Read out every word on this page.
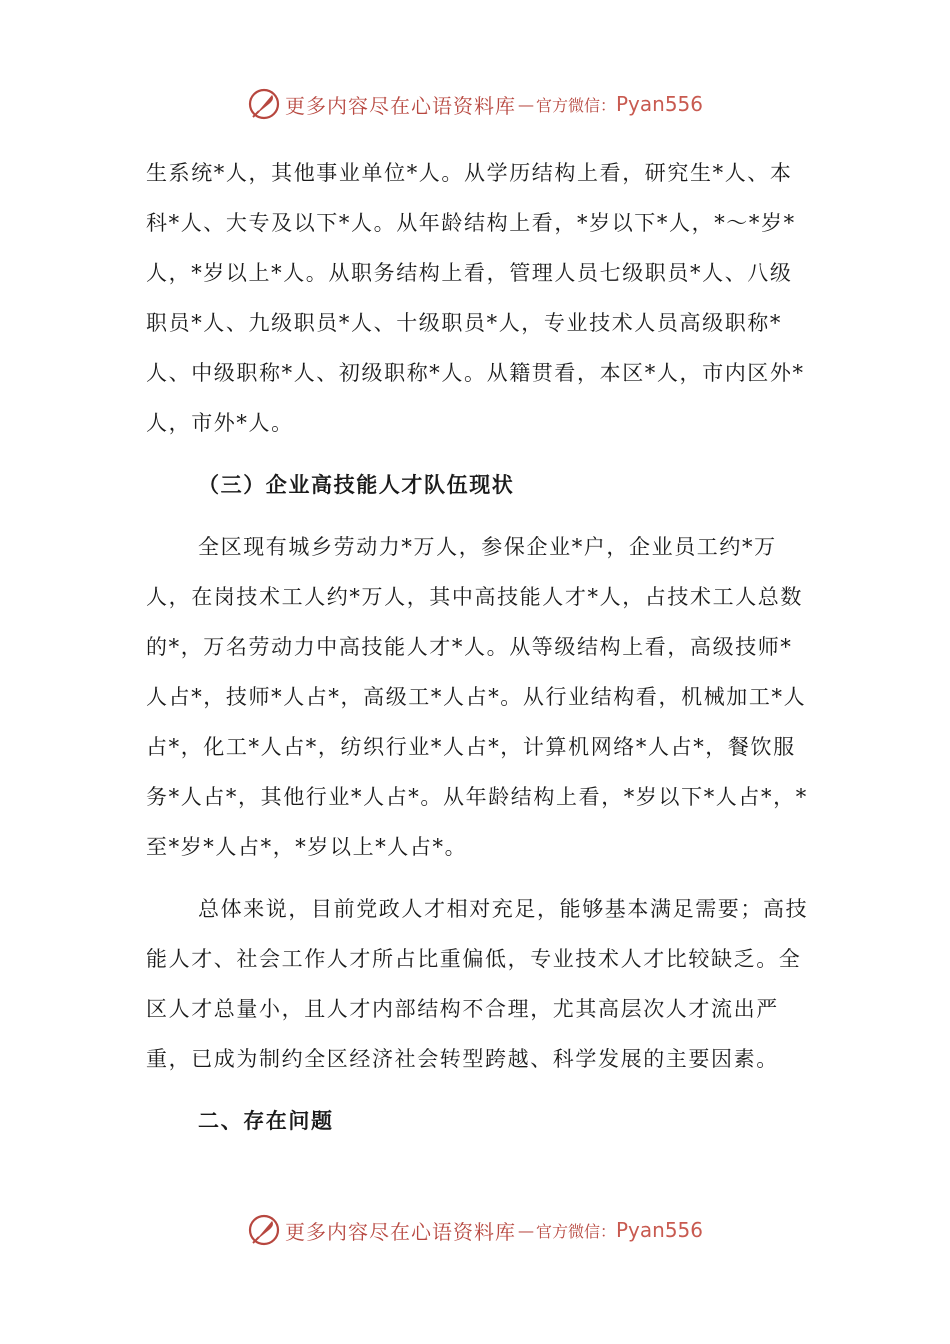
更多内容尽在心语资料库 — 官方微信： Pyan556

生系统*人，其他事业单位*人。从学历结构上看，研究生*人、本科*人、大专及以下*人。从年龄结构上看，*岁以下*人，*～*岁*人，*岁以上*人。从职务结构上看，管理人员七级职员*人、八级职员*人、九级职员*人、十级职员*人，专业技术人员高级职称*人、中级职称*人、初级职称*人。从籍贯看，本区*人，市内区外*人，市外*人。

（三）企业高技能人才队伍现状

全区现有城乡劳动力*万人，参保企业*户，企业员工约*万人，在岗技术工人约*万人，其中高技能人才*人，占技术工人总数的*，万名劳动力中高技能人才*人。从等级结构上看，高级技师*人占*，技师*人占*，高级工*人占*。从行业结构看，机械加工*人占*，化工*人占*，纺织行业*人占*，计算机网络*人占*，餐饮服务*人占*，其他行业*人占*。从年龄结构上看，*岁以下*人占*，*至*岁*人占*，*岁以上*人占*。

总体来说，目前党政人才相对充足，能够基本满足需要；高技能人才、社会工作人才所占比重偏低，专业技术人才比较缺乏。全区人才总量小，且人才内部结构不合理，尤其高层次人才流出严重，已成为制约全区经济社会转型跨越、科学发展的主要因素。

二、存在问题
更多内容尽在心语资料库 — 官方微信： Pyan556
